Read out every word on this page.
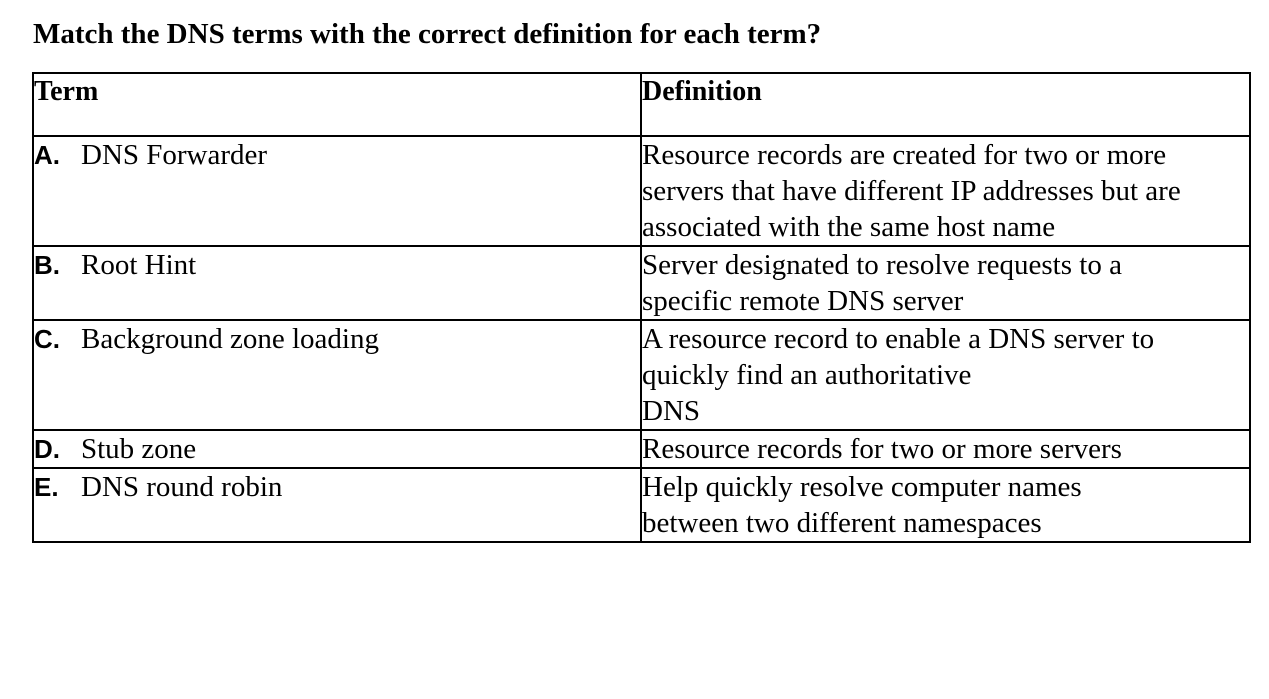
Match the DNS terms with the correct definition for each term?
Term	Definition
A. DNS Forwarder	Resource records are created for two or more
servers that have different IP addresses but are
associated with the same host name
B. Root Hint	Server designated to resolve requests to a
specific remote DNS server
C. Background zone loading	A resource record to enable a DNS server to
quickly find an authoritative
DNS
D. Stub zone	Resource records for two or more servers
E. DNS round robin	Help quickly resolve computer names
between two different namespaces
